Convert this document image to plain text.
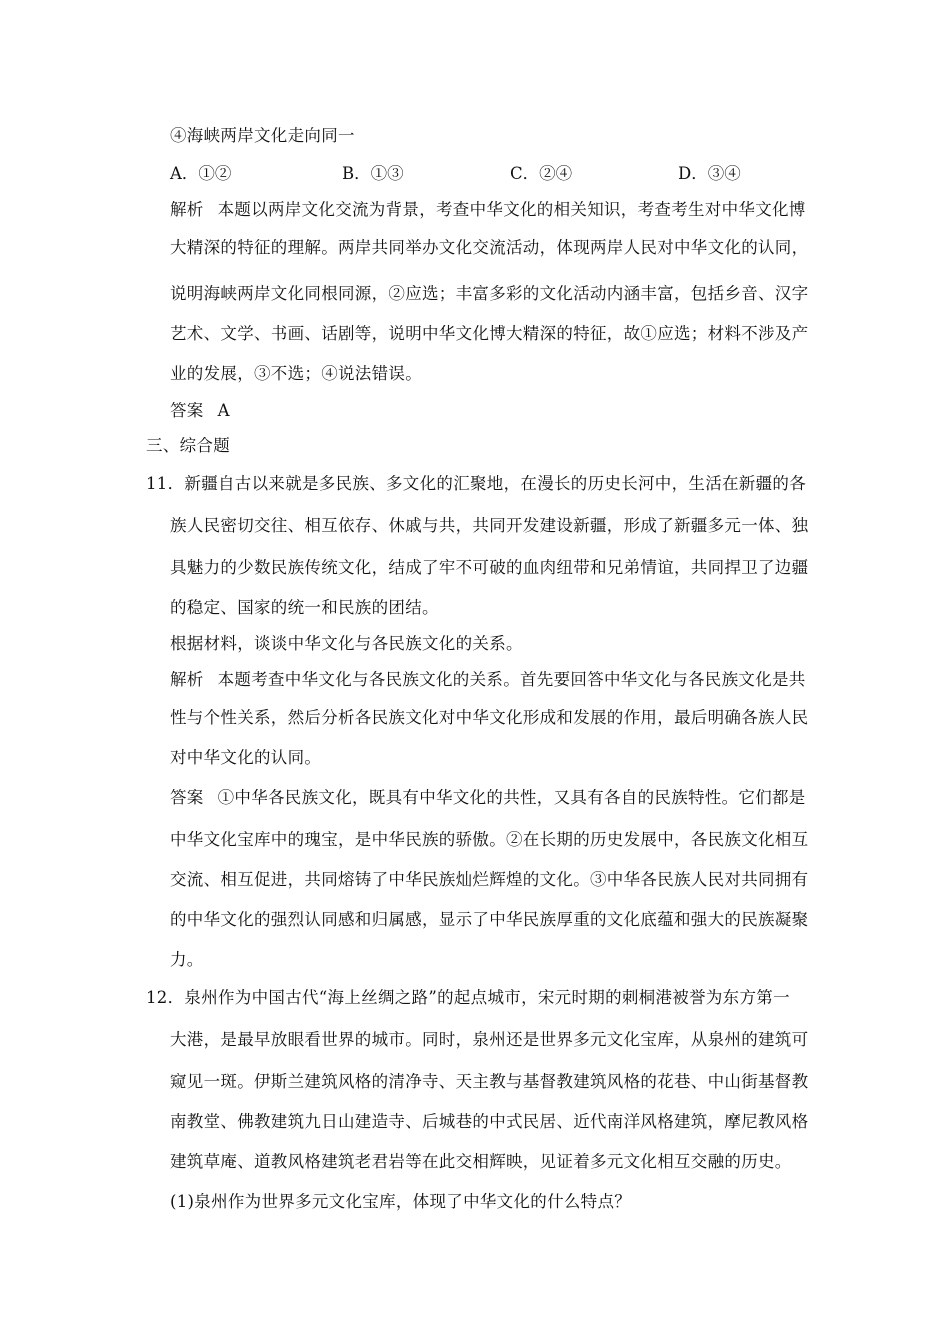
④海峡两岸文化走向同一
A．①②	B．①③	C．②④	D．③④
解析 本题以两岸文化交流为背景，考查中华文化的相关知识，考查考生对中华文化博
大精深的特征的理解。两岸共同举办文化交流活动，体现两岸人民对中华文化的认同，
说明海峡两岸文化同根同源，②应选；丰富多彩的文化活动内涵丰富，包括乡音、汉字
艺术、文学、书画、话剧等，说明中华文化博大精深的特征，故①应选；材料不涉及产
业的发展，③不选；④说法错误。
答案 A
三、综合题
11．新疆自古以来就是多民族、多文化的汇聚地，在漫长的历史长河中，生活在新疆的各
族人民密切交往、相互依存、休戚与共，共同开发建设新疆，形成了新疆多元一体、独
具魅力的少数民族传统文化，结成了牢不可破的血肉纽带和兄弟情谊，共同捍卫了边疆
的稳定、国家的统一和民族的团结。
根据材料，谈谈中华文化与各民族文化的关系。
解析 本题考查中华文化与各民族文化的关系。首先要回答中华文化与各民族文化是共
性与个性关系，然后分析各民族文化对中华文化形成和发展的作用，最后明确各族人民
对中华文化的认同。
答案 ①中华各民族文化，既具有中华文化的共性，又具有各自的民族特性。它们都是
中华文化宝库中的瑰宝，是中华民族的骄傲。②在长期的历史发展中，各民族文化相互
交流、相互促进，共同熔铸了中华民族灿烂辉煌的文化。③中华各民族人民对共同拥有
的中华文化的强烈认同感和归属感，显示了中华民族厚重的文化底蕴和强大的民族凝聚
力。
12．泉州作为中国古代“海上丝绸之路”的起点城市，宋元时期的刺桐港被誉为东方第一
大港，是最早放眼看世界的城市。同时，泉州还是世界多元文化宝库，从泉州的建筑可
窥见一斑。伊斯兰建筑风格的清净寺、天主教与基督教建筑风格的花巷、中山街基督教
南教堂、佛教建筑九日山建造寺、后城巷的中式民居、近代南洋风格建筑，摩尼教风格
建筑草庵、道教风格建筑老君岩等在此交相辉映，见证着多元文化相互交融的历史。
(1)泉州作为世界多元文化宝库，体现了中华文化的什么特点？
